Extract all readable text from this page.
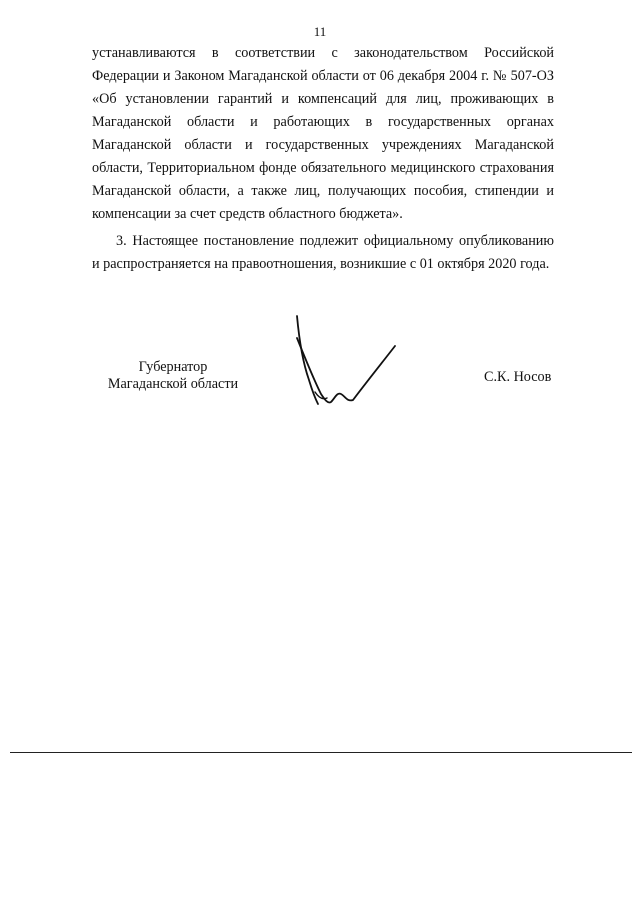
11

устанавливаются в соответствии с законодательством Российской Федерации и Законом Магаданской области от 06 декабря 2004 г. № 507-ОЗ «Об установлении гарантий и компенсаций для лиц, проживающих в Магаданской области и работающих в государственных органах Магаданской области и государственных учреждениях Магаданской области, Территориальном фонде обязательного медицинского страхования Магаданской области, а также лиц, получающих пособия, стипендии и компенсации за счет средств областного бюджета».

3. Настоящее постановление подлежит официальному опубликованию и распространяется на правоотношения, возникшие с 01 октября 2020 года.

Губернатор
Магаданской области	С.К. Носов
